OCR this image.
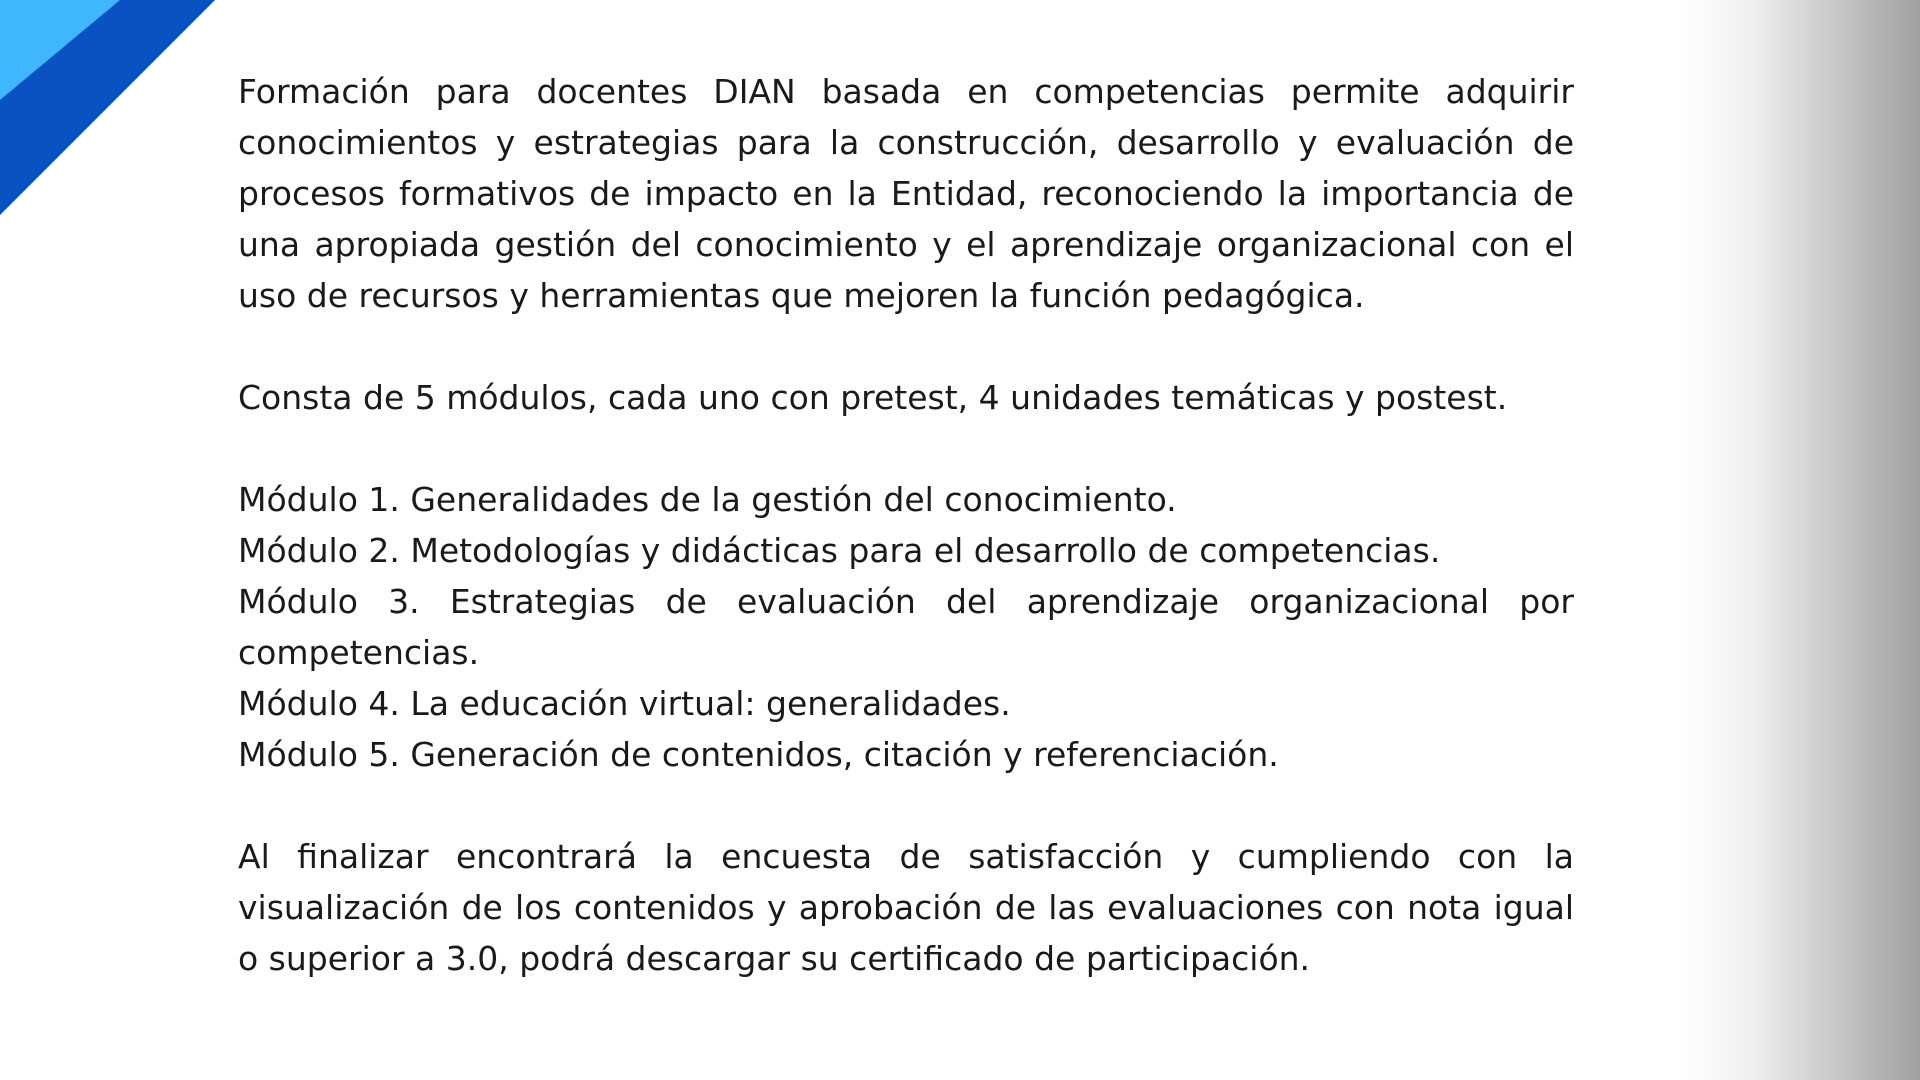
Formación para docentes DIAN basada en competencias permite adquirir conocimientos y estrategias para la construcción, desarrollo y evaluación de procesos formativos de impacto en la Entidad, reconociendo la importancia de una apropiada gestión del conocimiento y el aprendizaje organizacional con el uso de recursos y herramientas que mejoren la función pedagógica.

Consta de 5 módulos, cada uno con pretest, 4 unidades temáticas y postest.

Módulo 1. Generalidades de la gestión del conocimiento.
Módulo 2. Metodologías y didácticas para el desarrollo de competencias.
Módulo 3. Estrategias de evaluación del aprendizaje organizacional por competencias.
Módulo 4. La educación virtual: generalidades.
Módulo 5. Generación de contenidos, citación y referenciación.

Al finalizar encontrará la encuesta de satisfacción y cumpliendo con la visualización de los contenidos y aprobación de las evaluaciones con nota igual o superior a 3.0, podrá descargar su certificado de participación.
